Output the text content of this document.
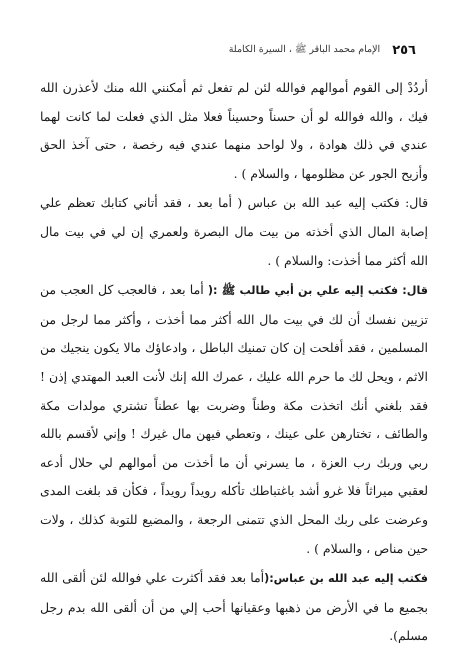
٢٥٦
الإمام محمد الباقر ﷺ ، السيرة الكاملة

أردُدْ إلى القوم أموالهم فوالله لئن لم تفعل ثم أمكنني الله منك لأعذرن الله فيك ، والله فوالله لو أن حسناً وحسيناً فعلا مثل الذي فعلت لما كانت لهما عندي في ذلك هوادة ، ولا لواحد منهما عندي فيه رخصة ، حتى آخذ الحق وأزيح الجور عن مظلومها ، والسلام ) .

قال: فكتب إليه عبد الله بن عباس ( أما بعد ، فقد أتاني كتابك تعظم علي إصابة المال الذي أخذته من بيت مال البصرة ولعمري إن لي في بيت مال الله أكثر مما أخذت: والسلام ) .

قال: فكتب إليه علي بن أبي طالب ﷺ :( أما بعد ، فالعجب كل العجب من تزيين نفسك أن لك في بيت مال الله أكثر مما أخذت ، وأكثر مما لرجل من المسلمين ، فقد أفلحت إن كان تمنيك الباطل ، وادعاؤك مالا يكون ينجيك من الاثم ، ويحل لك ما حرم الله عليك ، عمرك الله إنك لأنت العبد المهتدي إذن ! فقد بلغني أنك اتخذت مكة وطناً وضربت بها عطناً تشتري مولدات مكة والطائف ، تختارهن على عينك ، وتعطي فيهن مال غيرك ! وإني لأقسم بالله ربي وربك رب العزة ، ما يسرني أن ما أخذت من أموالهم لي حلال أدعه لعقبي ميراثاً فلا غرو أشد باغتباطك تأكله رويداً رويداً ، فكأن قد بلغت المدى وعرضت على ربك المحل الذي تتمنى الرجعة ، والمضيع للتوبة كذلك ، ولات حين مناص ، والسلام ) .

فكتب إليه عبد الله بن عباس:(أما بعد فقد أكثرت علي فوالله لئن ألقى الله بجميع ما في الأرض من ذهبها وعقيانها أحب إلي من أن ألقى الله بدم رجل مسلم).
